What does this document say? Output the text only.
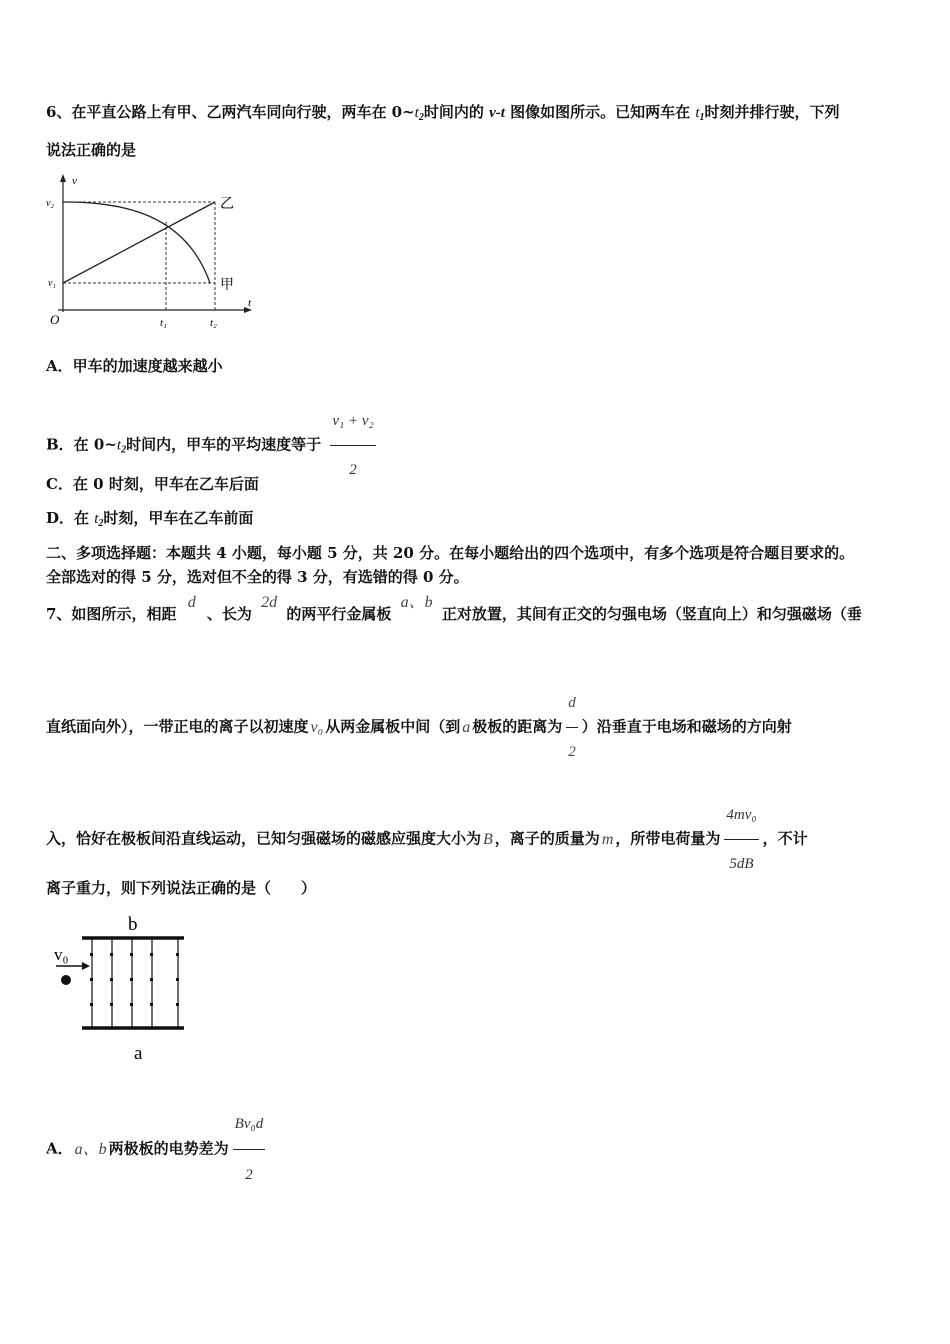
6、在平直公路上有甲、乙两汽车同向行驶，两车在 $0\sim t_2$时间内的 v-t 图像如图所示。已知两车在 $t_1$时刻并排行驶，下列
说法正确的是
v
v₂
v₁
O
t
t₁	t₂
乙
甲
A．甲车的加速度越来越小
B．在 $0\sim t_2$时间内，甲车的平均速度等于 $\frac{\text{v₁ + v₂}}{2}$
C．在 0 时刻，甲车在乙车后面
D．在 $t_2$时刻，甲车在乙车前面
二、多项选择题：本题共 4 小题，每小题 5 分，共 20 分。在每小题给出的四个选项中，有多个选项是符合题目要求的。
全部选对的得 5 分，选对但不全的得 3 分，有选错的得 0 分。
7、如图所示，相距 d 、长为 2d 的两平行金属板 a、b 正对放置，其间有正交的匀强电场（竖直向上）和匀强磁场（垂
直纸面向外），一带正电的离子以初速度 v₀ 从两金属板中间（到 a 极板的距离为 $\frac{d}{2}$ ）沿垂直于电场和磁场的方向射
入，恰好在极板间沿直线运动，已知匀强磁场的磁感应强度大小为 B ，离子的质量为 m ，所带电荷量为 $\frac{\text{4mv₀}}{5dB}$ ，不计
离子重力，则下列说法正确的是（　　）
b
v₀
a
A． a、b 两极板的电势差为 $\frac{\text{Bv₀d}}{2}$
